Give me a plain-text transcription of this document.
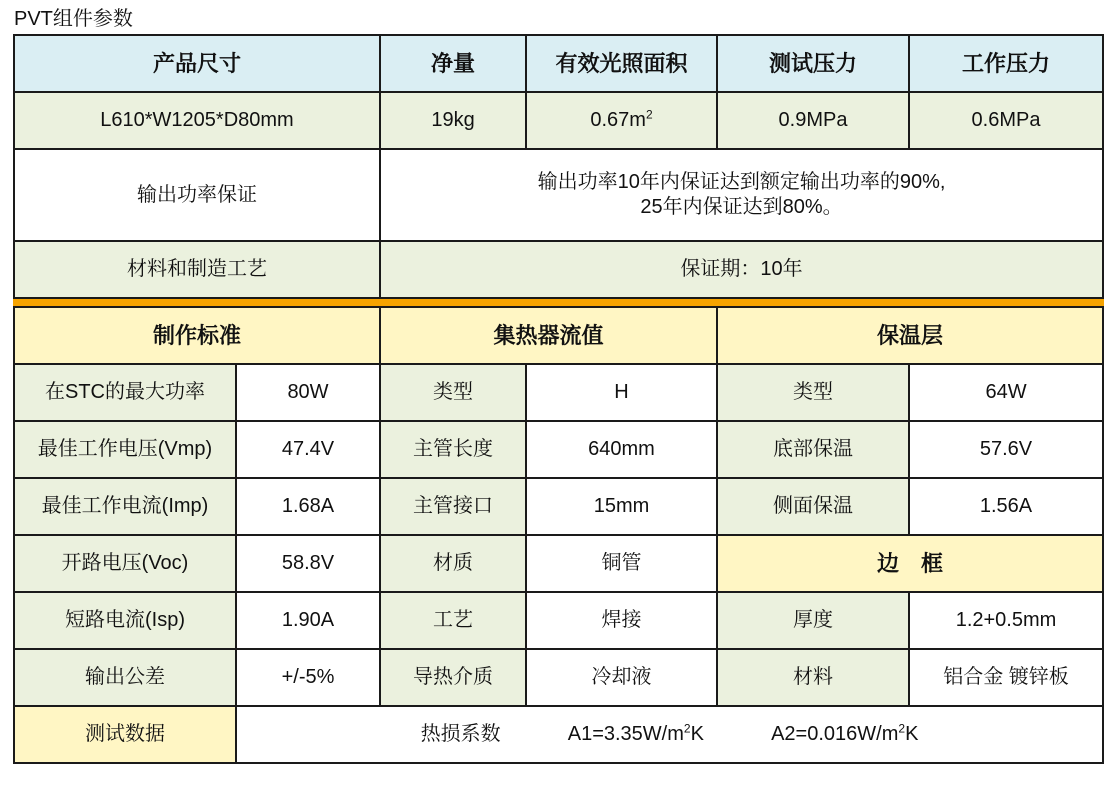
PVT组件参数
产品尺寸		净量	有效光照面积	测试压力	工作压力
L610*W1205*D80mm		19kg	$0.67m^2$	0.9MPa	0.6MPa
输出功率保证		输出功率10年内保证达到额定输出功率的90%,
25年内保证达到80%。			

材料和制造工艺		保证期：10年			

制作标准		集热器流值		保温层	
在STC的最大功率	80W	类型	H	类型	64W
最佳工作电压(Vmp)	47.4V	主管长度	640mm	底部保温	57.6V
最佳工作电流(Imp)	1.68A	主管接口	15mm	侧面保温	1.56A
开路电压(Voc)	58.8V	材质	铜管	边　框	
短路电流(Isp)	1.90A	工艺	焊接	厚度	1.2+0.5mm
输出公差	+/-5%	导热介质	冷却液	材料	铝合金 镀锌板
测试数据	热损系数 $A1=3.35W/m^2K$ $A2=0.016W/m^2K$				
